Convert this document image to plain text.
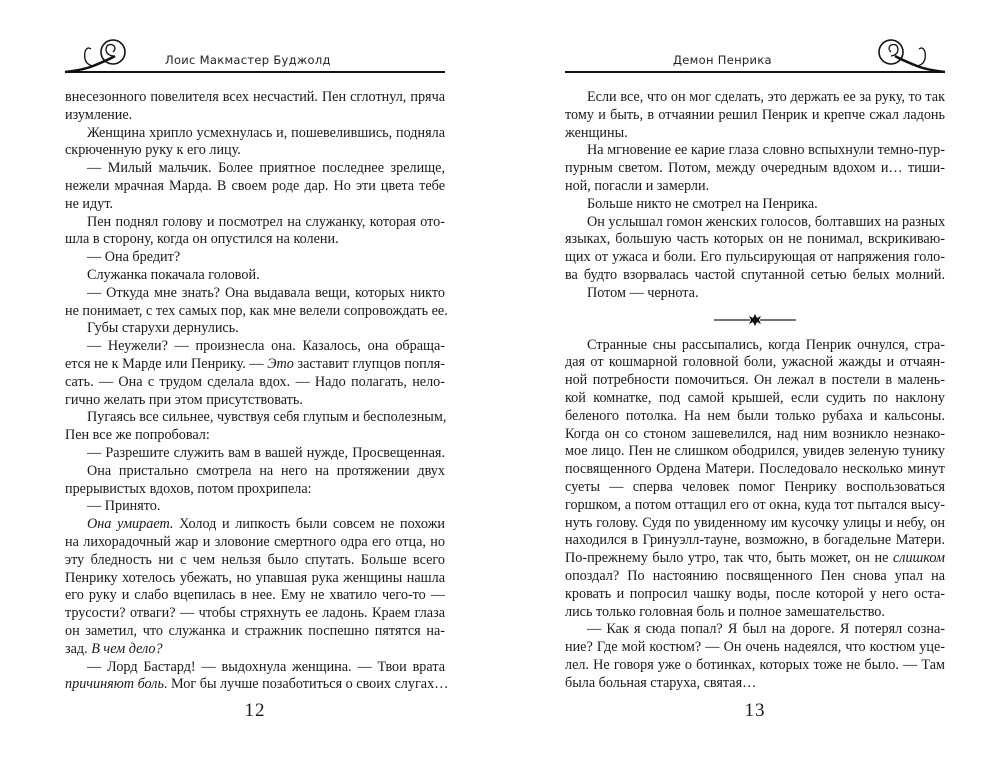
Лоис Макмастер Буджолд
внесезонного повелителя всех несчастий. Пен сглотнул, пряча
изумление.
Женщина хрипло усмехнулась и, пошевелившись, подняла
скрюченную руку к его лицу.
— Милый мальчик. Более приятное последнее зрелище,
нежели мрачная Марда. В своем роде дар. Но эти цвета тебе
не идут.
Пен поднял голову и посмотрел на служанку, которая ото-
шла в сторону, когда он опустился на колени.
— Она бредит?
Служанка покачала головой.
— Откуда мне знать? Она выдавала вещи, которых никто
не понимает, с тех самых пор, как мне велели сопровождать ее.
Губы старухи дернулись.
— Неужели? — произнесла она. Казалось, она обраща-
ется не к Марде или Пенрику. — Это заставит глупцов попля-
сать. — Она с трудом сделала вдох. — Надо полагать, нело-
гично желать при этом присутствовать.
Пугаясь все сильнее, чувствуя себя глупым и бесполезным,
Пен все же попробовал:
— Разрешите служить вам в вашей нужде, Просвещенная.
Она пристально смотрела на него на протяжении двух
прерывистых вдохов, потом прохрипела:
— Принято.
Она умирает. Холод и липкость были совсем не похожи
на лихорадочный жар и зловоние смертного одра его отца, но
эту бледность ни с чем нельзя было спутать. Больше всего
Пенрику хотелось убежать, но упавшая рука женщины нашла
его руку и слабо вцепилась в нее. Ему не хватило чего-то —
трусости? отваги? — чтобы стряхнуть ее ладонь. Краем глаза
он заметил, что служанка и стражник поспешно пятятся на-
зад. В чем дело?
— Лорд Бастард! — выдохнула женщина. — Твои врата
причиняют боль. Мог бы лучше позаботиться о своих слугах…
12
Демон Пенрика
Если все, что он мог сделать, это держать ее за руку, то так
тому и быть, в отчаянии решил Пенрик и крепче сжал ладонь
женщины.
На мгновение ее карие глаза словно вспыхнули темно-пур-
пурным светом. Потом, между очередным вдохом и… тиши-
ной, погасли и замерли.
Больше никто не смотрел на Пенрика.
Он услышал гомон женских голосов, болтавших на разных
языках, большую часть которых он не понимал, вскрикиваю-
щих от ужаса и боли. Его пульсирующая от напряжения голо-
ва будто взорвалась частой спутанной сетью белых молний.
Потом — чернота.
Странные сны рассыпались, когда Пенрик очнулся, стра-
дая от кошмарной головной боли, ужасной жажды и отчаян-
ной потребности помочиться. Он лежал в постели в малень-
кой комнатке, под самой крышей, если судить по наклону
беленого потолка. На нем были только рубаха и кальсоны.
Когда он со стоном зашевелился, над ним возникло незнако-
мое лицо. Пен не слишком ободрился, увидев зеленую тунику
посвященного Ордена Матери. Последовало несколько минут
суеты — сперва человек помог Пенрику воспользоваться
горшком, а потом оттащил его от окна, куда тот пытался высу-
нуть голову. Судя по увиденному им кусочку улицы и небу, он
находился в Гринуэлл-тауне, возможно, в богадельне Матери.
По-прежнему было утро, так что, быть может, он не слишком
опоздал? По настоянию посвященного Пен снова упал на
кровать и попросил чашку воды, после которой у него оста-
лись только головная боль и полное замешательство.
— Как я сюда попал? Я был на дороге. Я потерял созна-
ние? Где мой костюм? — Он очень надеялся, что костюм уце-
лел. Не говоря уже о ботинках, которых тоже не было. — Там
была больная старуха, святая…
13
